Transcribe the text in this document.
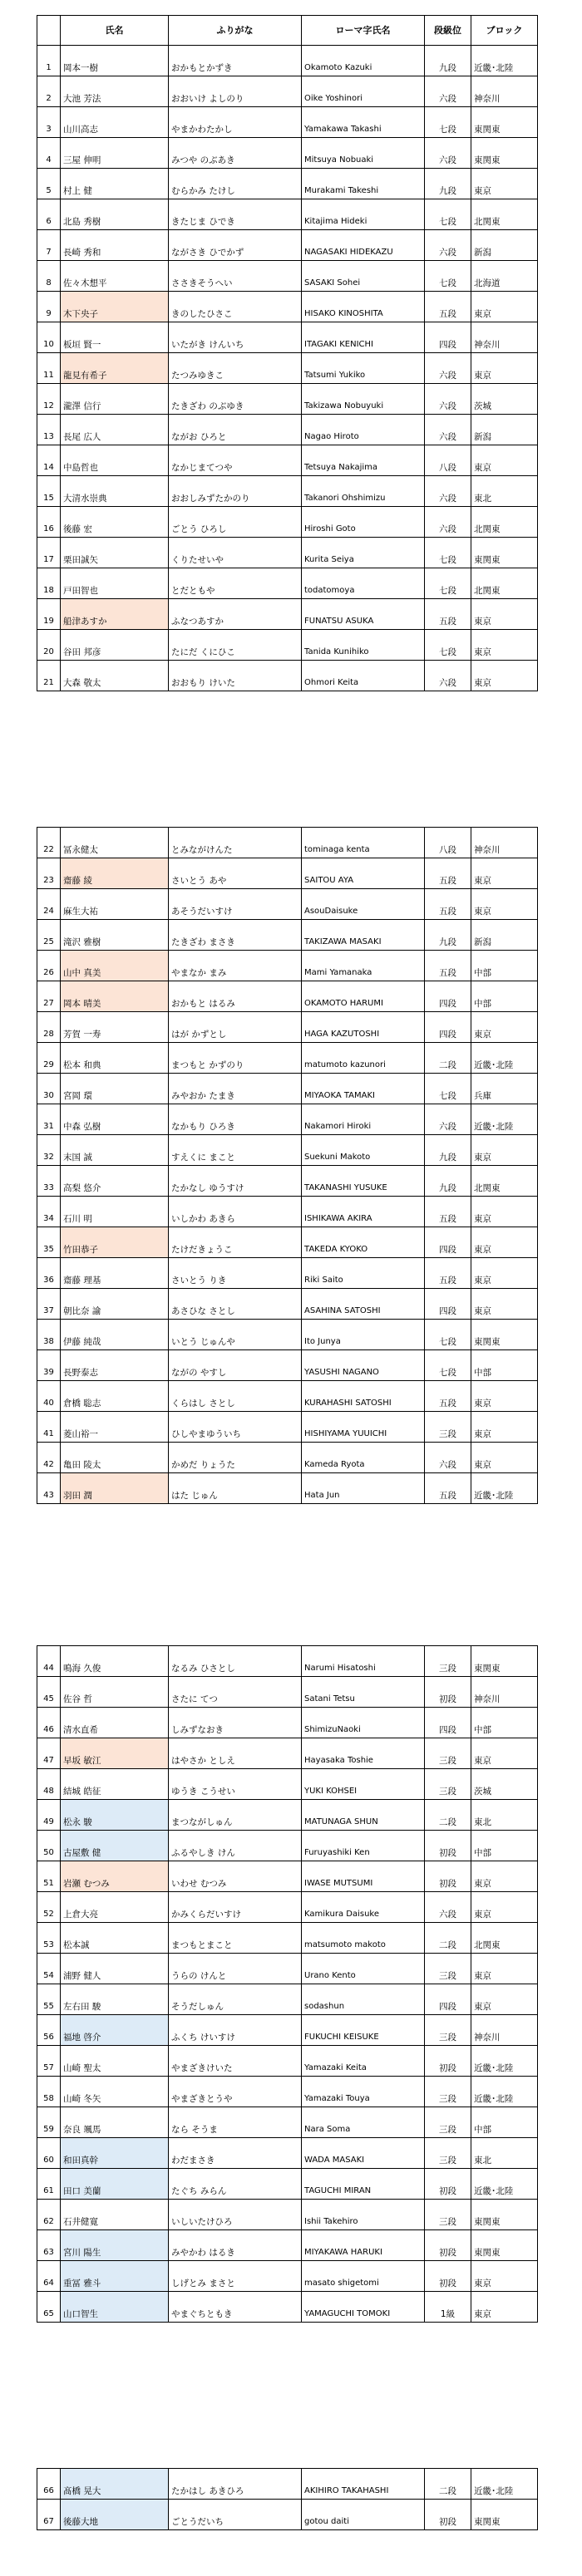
	氏名	ふりがな	ローマ字氏名	段級位	ブロック
1	岡本一樹	おかもとかずき	Okamoto Kazuki	九段	近畿･北陸
2	大池 芳法	おおいけ よしのり	Oike Yoshinori	六段	神奈川
3	山川高志	やまかわたかし	Yamakawa Takashi	七段	東関東
4	三屋 伸明	みつや のぶあき	Mitsuya Nobuaki	六段	東関東
5	村上 健	むらかみ たけし	Murakami Takeshi	九段	東京
6	北島 秀樹	きたじま ひでき	Kitajima Hideki	七段	北関東
7	長崎 秀和	ながさき ひでかず	NAGASAKI HIDEKAZU	六段	新潟
8	佐々木想平	ささきそうへい	SASAKI Sohei	七段	北海道
9	木下央子	きのしたひさこ	HISAKO KINOSHITA	五段	東京
10	板垣 賢一	いたがき けんいち	ITAGAKI KENICHI	四段	神奈川
11	龍見有希子	たつみゆきこ	Tatsumi Yukiko	六段	東京
12	瀧澤 信行	たきざわ のぶゆき	Takizawa Nobuyuki	六段	茨城
13	長尾 広人	ながお ひろと	Nagao Hiroto	六段	新潟
14	中島哲也	なかじまてつや	Tetsuya Nakajima	八段	東京
15	大清水崇典	おおしみずたかのり	Takanori Ohshimizu	六段	東北
16	後藤 宏	ごとう ひろし	Hiroshi Goto	六段	北関東
17	栗田誠矢	くりたせいや	Kurita Seiya	七段	東関東
18	戸田智也	とだともや	todatomoya	七段	北関東
19	船津あすか	ふなつあすか	FUNATSU ASUKA	五段	東京
20	谷田 邦彦	たにだ くにひこ	Tanida Kunihiko	七段	東京
21	大森 敬太	おおもり けいた	Ohmori Keita	六段	東京
22	冨永健太	とみながけんた	tominaga kenta	八段	神奈川
23	齋藤 綾	さいとう あや	SAITOU AYA	五段	東京
24	麻生大祐	あそうだいすけ	AsouDaisuke	五段	東京
25	滝沢 雅樹	たきざわ まさき	TAKIZAWA MASAKI	九段	新潟
26	山中 真美	やまなか まみ	Mami Yamanaka	五段	中部
27	岡本 晴美	おかもと はるみ	OKAMOTO HARUMI	四段	中部
28	芳賀 一寿	はが かずとし	HAGA KAZUTOSHI	四段	東京
29	松本 和典	まつもと かずのり	matumoto kazunori	二段	近畿･北陸
30	宮岡 環	みやおか たまき	MIYAOKA TAMAKI	七段	兵庫
31	中森 弘樹	なかもり ひろき	Nakamori Hiroki	六段	近畿･北陸
32	末国 誠	すえくに まこと	Suekuni Makoto	九段	東京
33	高梨 悠介	たかなし ゆうすけ	TAKANASHI YUSUKE	九段	北関東
34	石川 明	いしかわ あきら	ISHIKAWA AKIRA	五段	東京
35	竹田恭子	たけだきょうこ	TAKEDA KYOKO	四段	東京
36	齋藤 理基	さいとう りき	Riki Saito	五段	東京
37	朝比奈 諭	あさひな さとし	ASAHINA SATOSHI	四段	東京
38	伊藤 純哉	いとう じゅんや	Ito Junya	七段	東関東
39	長野泰志	ながの やすし	YASUSHI NAGANO	七段	中部
40	倉橋 聡志	くらはし さとし	KURAHASHI SATOSHI	五段	東京
41	菱山裕一	ひしやまゆういち	HISHIYAMA YUUICHI	三段	東京
42	亀田 陵太	かめだ りょうた	Kameda Ryota	六段	東京
43	羽田 潤	はた じゅん	Hata Jun	五段	近畿･北陸
44	鳴海 久俊	なるみ ひさとし	Narumi Hisatoshi	三段	東関東
45	佐谷 哲	さたに てつ	Satani Tetsu	初段	神奈川
46	清水直希	しみずなおき	ShimizuNaoki	四段	中部
47	早坂 敏江	はやさか としえ	Hayasaka Toshie	三段	東京
48	結城 皓征	ゆうき こうせい	YUKI KOHSEI	三段	茨城
49	松永 駿	まつながしゅん	MATUNAGA SHUN	二段	東北
50	古屋敷 健	ふるやしき けん	Furuyashiki Ken	初段	中部
51	岩瀬 むつみ	いわせ むつみ	IWASE MUTSUMI	初段	東京
52	上倉大亮	かみくらだいすけ	Kamikura Daisuke	六段	東京
53	松本誠	まつもとまこと	matsumoto makoto	二段	北関東
54	浦野 健人	うらの けんと	Urano Kento	三段	東京
55	左右田 駿	そうだしゅん	sodashun	四段	東京
56	福地 啓介	ふくち けいすけ	FUKUCHI KEISUKE	三段	神奈川
57	山崎 聖太	やまざきけいた	Yamazaki Keita	初段	近畿･北陸
58	山崎 冬矢	やまざきとうや	Yamazaki Touya	三段	近畿･北陸
59	奈良 颯馬	なら そうま	Nara Soma	三段	中部
60	和田真幹	わだまさき	WADA MASAKI	三段	東北
61	田口 美蘭	たぐち みらん	TAGUCHI MIRAN	初段	近畿･北陸
62	石井健寛	いしいたけひろ	Ishii Takehiro	三段	東関東
63	宮川 陽生	みやかわ はるき	MIYAKAWA HARUKI	初段	東関東
64	重冨 雅斗	しげとみ まさと	masato shigetomi	初段	東京
65	山口智生	やまぐちともき	YAMAGUCHI TOMOKI	1級	東京
66	髙橋 晃大	たかはし あきひろ	AKIHIRO TAKAHASHI	二段	近畿･北陸
67	後藤大地	ごとうだいち	gotou daiti	初段	東関東
